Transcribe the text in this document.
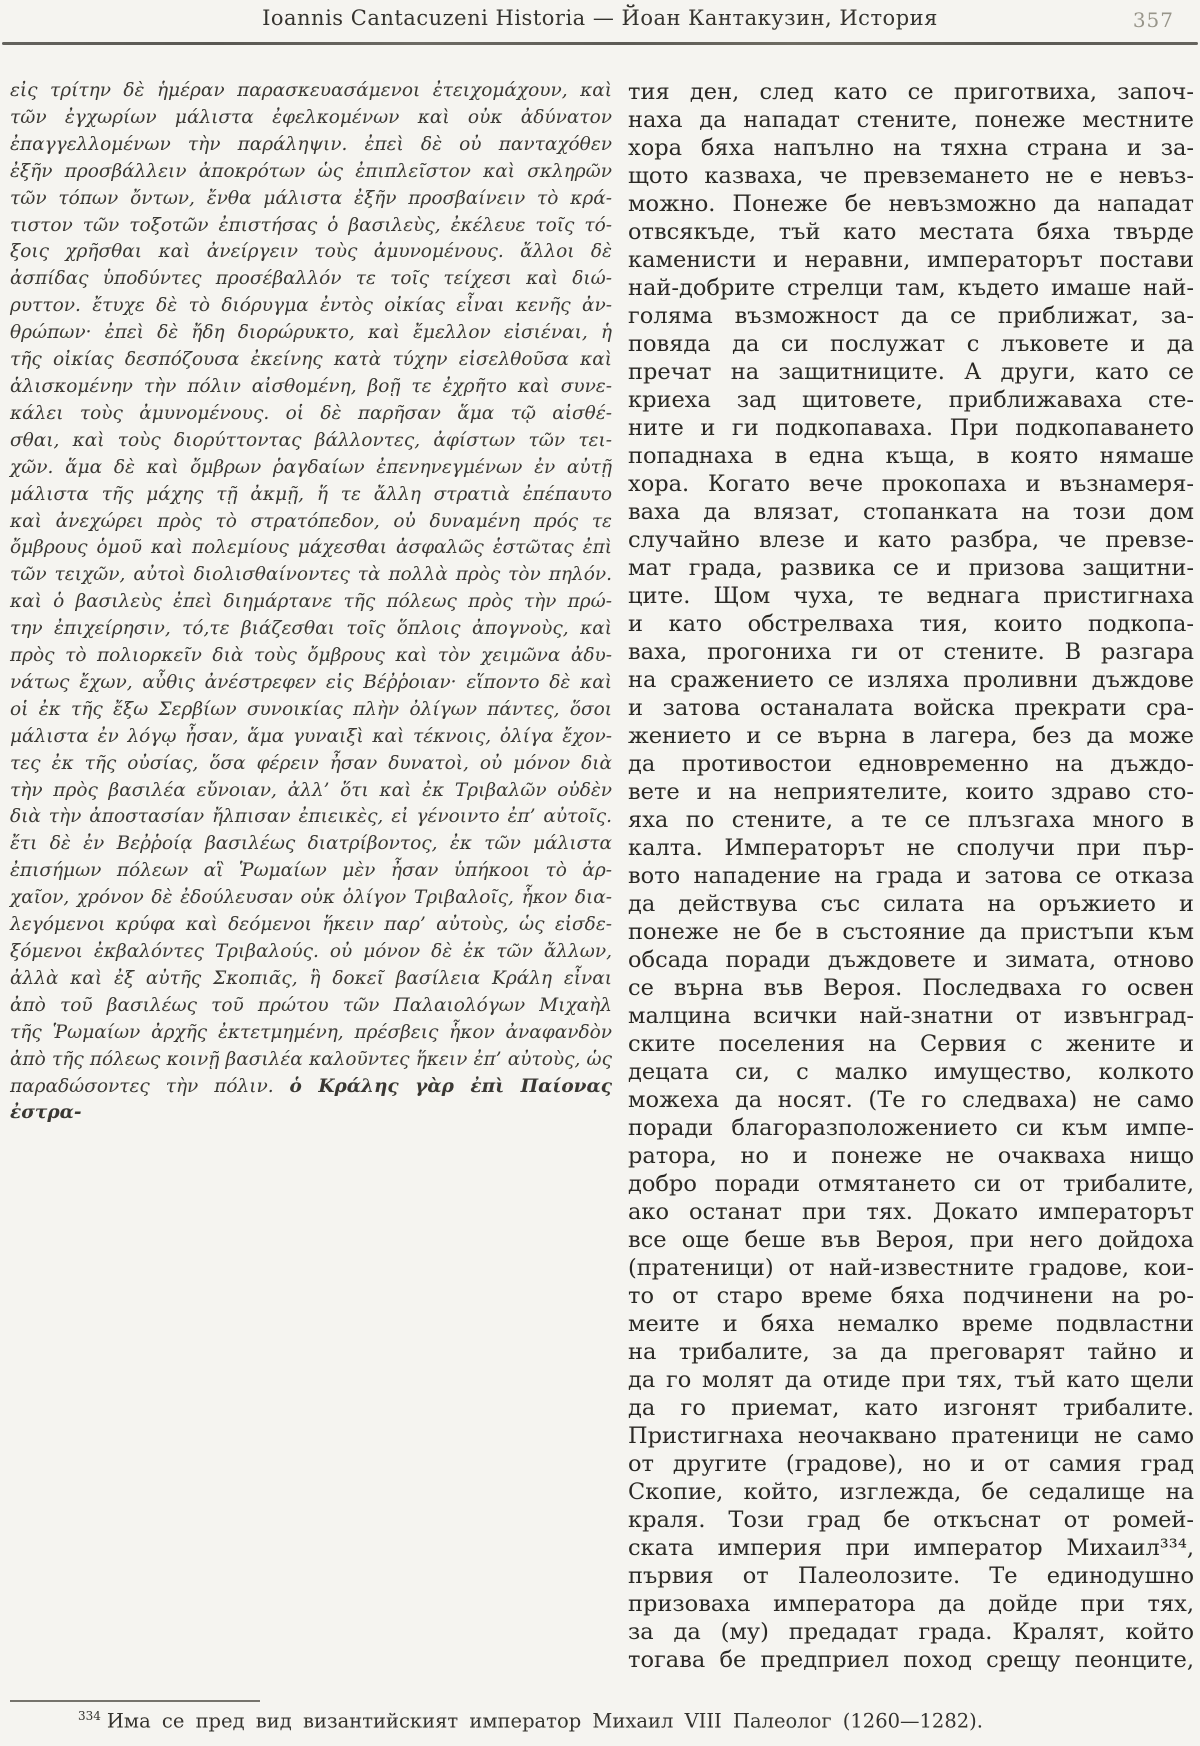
Ioannis Cantacuzeni Historia — Йоан Кантакузин, История	357
εἰς τρίτην δὲ ἡμέραν παρασκευασάμενοι ἐτειχομάχουν, καὶ
τῶν ἐγχωρίων μάλιστα ἐφελκομένων καὶ οὐκ ἀδύνατον
ἐπαγγελλομένων τὴν παράληψιν. ἐπεὶ δὲ οὐ πανταχόθεν
ἐξῆν προσβάλλειν ἀποκρότων ὡς ἐπιπλεῖστον καὶ σκληρῶν
τῶν τόπων ὄντων, ἔνθα μάλιστα ἐξῆν προσβαίνειν τὸ κρά-
τιστον τῶν τοξοτῶν ἐπιστήσας ὁ βασιλεὺς, ἐκέλευε τοῖς τό-
ξοις χρῆσθαι καὶ ἀνείργειν τοὺς ἀμυνομένους. ἄλλοι δὲ
ἀσπίδας ὑποδύντες προσέβαλλόν τε τοῖς τείχεσι καὶ διώ-
ρυττον. ἔτυχε δὲ τὸ διόρυγμα ἐντὸς οἰκίας εἶναι κενῆς ἀν-
θρώπων· ἐπεὶ δὲ ἤδη διορώρυκτο, καὶ ἔμελλον εἰσιέναι, ἡ
τῆς οἰκίας δεσπόζουσα ἐκείνης κατὰ τύχην εἰσελθοῦσα καὶ
ἁλισκομένην τὴν πόλιν αἰσθομένη, βοῇ τε ἐχρῆτο καὶ συνε-
κάλει τοὺς ἀμυνομένους. οἱ δὲ παρῆσαν ἅμα τῷ αἰσθέ-
σθαι, καὶ τοὺς διορύττοντας βάλλοντες, ἀφίστων τῶν τει-
χῶν. ἅμα δὲ καὶ ὄμβρων ῥαγδαίων ἐπενηνεγμένων ἐν αὐτῇ
μάλιστα τῆς μάχης τῇ ἀκμῇ, ἥ τε ἄλλη στρατιὰ ἐπέπαυτο
καὶ ἀνεχώρει πρὸς τὸ στρατόπεδον, οὐ δυναμένη πρός τε
ὄμβρους ὁμοῦ καὶ πολεμίους μάχεσθαι ἀσφαλῶς ἑστῶτας ἐπὶ
τῶν τειχῶν, αὐτοὶ διολισθαίνοντες τὰ πολλὰ πρὸς τὸν πηλόν.
καὶ ὁ βασιλεὺς ἐπεὶ διημάρτανε τῆς πόλεως πρὸς τὴν πρώ-
την ἐπιχείρησιν, τό,τε βιάζεσθαι τοῖς ὅπλοις ἀπογνοὺς, καὶ
πρὸς τὸ πολιορκεῖν διὰ τοὺς ὄμβρους καὶ τὸν χειμῶνα ἀδυ-
νάτως ἔχων, αὖθις ἀνέστρεφεν εἰς Βέῤῥοιαν· εἵποντο δὲ καὶ
οἱ ἐκ τῆς ἔξω Σερβίων συνοικίας πλὴν ὀλίγων πάντες, ὅσοι
μάλιστα ἐν λόγῳ ἦσαν, ἅμα γυναιξὶ καὶ τέκνοις, ὀλίγα ἔχον-
τες ἐκ τῆς οὐσίας, ὅσα φέρειν ἦσαν δυνατοὶ, οὐ μόνον διὰ
τὴν πρὸς βασιλέα εὔνοιαν, ἀλλ’ ὅτι καὶ ἐκ Τριβαλῶν οὐδὲν
διὰ τὴν ἀποστασίαν ἤλπισαν ἐπιεικὲς, εἰ γένοιντο ἐπ’ αὐτοῖς.
ἔτι δὲ ἐν Βεῤῥοίᾳ βασιλέως διατρίβοντος, ἐκ τῶν μάλιστα
ἐπισήμων πόλεων αἳ Ῥωμαίων μὲν ἦσαν ὑπήκοοι τὸ ἀρ-
χαῖον, χρόνον δὲ ἐδούλευσαν οὐκ ὀλίγον Τριβαλοῖς, ἧκον δια-
λεγόμενοι κρύφα καὶ δεόμενοι ἥκειν παρ’ αὐτοὺς, ὡς εἰσδε-
ξόμενοι ἐκβαλόντες Τριβαλούς. οὐ μόνον δὲ ἐκ τῶν ἄλλων,
ἀλλὰ καὶ ἐξ αὐτῆς Σκοπιᾶς, ἣ δοκεῖ βασίλεια Κράλη εἶναι
ἀπὸ τοῦ βασιλέως τοῦ πρώτου τῶν Παλαιολόγων Μιχαὴλ
τῆς Ῥωμαίων ἀρχῆς ἐκτετμημένη, πρέσβεις ἧκον ἀναφανδὸν
ἀπὸ τῆς πόλεως κοινῇ βασιλέα καλοῦντες ἥκειν ἐπ’ αὐτοὺς, ὡς
παραδώσοντες τὴν πόλιν. ὁ Κράλης γὰρ ἐπὶ Παίονας ἐστρα-
тия ден, след като се приготвиха, започ-
наха да нападат стените, понеже местните
хора бяха напълно на тяхна страна и за-
щото казваха, че превземането не е невъз-
можно. Понеже бе невъзможно да нападат
отвсякъде, тъй като местата бяха твърде
каменисти и неравни, императорът постави
най-добрите стрелци там, където имаше най-
голяма възможност да се приближат, за-
повяда да си послужат с лъковете и да
пречат на защитниците. А други, като се
криеха зад щитовете, приближаваха сте-
ните и ги подкопаваха. При подкопаването
попаднаха в една къща, в която нямаше
хора. Когато вече прокопаха и възнамеря-
ваха да влязат, стопанката на този дом
случайно влезе и като разбра, че превзе-
мат града, развика се и призова защитни-
ците. Щом чуха, те веднага пристигнаха
и като обстрелваха тия, които подкопа-
ваха, прогониха ги от стените. В разгара
на сражението се изляха проливни дъждове
и затова останалата войска прекрати сра-
жението и се върна в лагера, без да може
да противостои едновременно на дъждо-
вете и на неприятелите, които здраво сто-
яха по стените, а те се плъзгаха много в
калта. Императорът не сполучи при пър-
вото нападение на града и затова се отказа
да действува със силата на оръжието и
понеже не бе в състояние да пристъпи към
обсада поради дъждовете и зимата, отново
се върна във Вероя. Последваха го освен
малцина всички най-знатни от извънград-
ските поселения на Сервия с жените и
децата си, с малко имущество, колкото
можеха да носят. (Те го следваха) не само
поради благоразположението си към импе-
ратора, но и понеже не очакваха нищо
добро поради отмятането си от трибалите,
ако останат при тях. Докато императорът
все още беше във Вероя, при него дойдоха
(пратеници) от най-известните градове, кои-
то от старо време бяха подчинени на ро-
меите и бяха немалко време подвластни
на трибалите, за да преговарят тайно и
да го молят да отиде при тях, тъй като щели
да го приемат, като изгонят трибалите.
Пристигнаха неочаквано пратеници не само
от другите (градове), но и от самия град
Скопие, който, изглежда, бе седалище на
краля. Този град бе откъснат от ромей-
ската империя при император Михаил³³⁴,
първия от Палеолозите. Те единодушно
призоваха императора да дойде при тях,
за да (му) предадат града. Кралят, който
тогава бе предприел поход срещу пеонците,
$^{334}$ Има се пред вид византийският император Михаил VIII Палеолог (1260—1282).
